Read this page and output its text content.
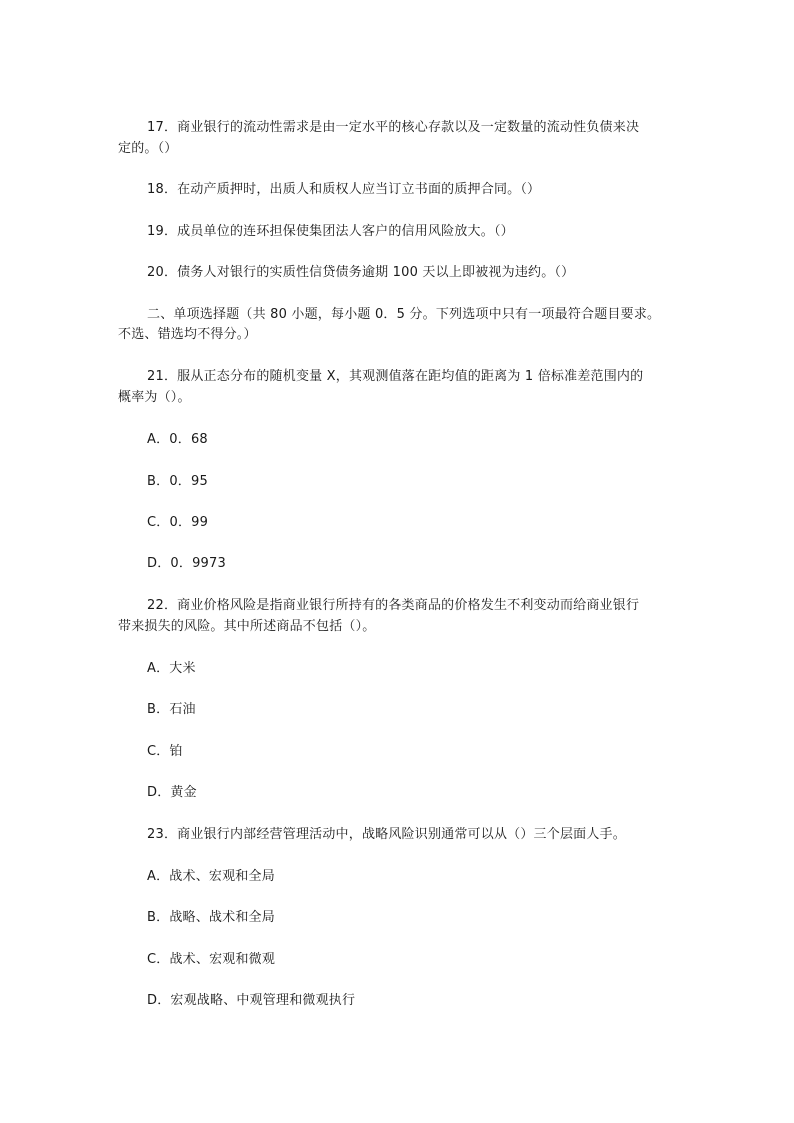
17．商业银行的流动性需求是由一定水平的核心存款以及一定数量的流动性负债来决
定的。（）
18．在动产质押时，出质人和质权人应当订立书面的质押合同。（）
19．成员单位的连环担保使集团法人客户的信用风险放大。（）
20．债务人对银行的实质性信贷债务逾期 100 天以上即被视为违约。（）
二、单项选择题（共 80 小题，每小题 0．5 分。下列选项中只有一项最符合题目要求。
不选、错选均不得分。）
21．服从正态分布的随机变量 X，其观测值落在距均值的距离为 1 倍标准差范围内的
概率为（）。
A．0．68
B．0．95
C．0．99
D．0．9973
22．商业价格风险是指商业银行所持有的各类商品的价格发生不利变动而给商业银行
带来损失的风险。其中所述商品不包括（）。
A．大米
B．石油
C．铂
D．黄金
23．商业银行内部经营管理活动中，战略风险识别通常可以从（）三个层面人手。
A．战术、宏观和全局
B．战略、战术和全局
C．战术、宏观和微观
D．宏观战略、中观管理和微观执行
